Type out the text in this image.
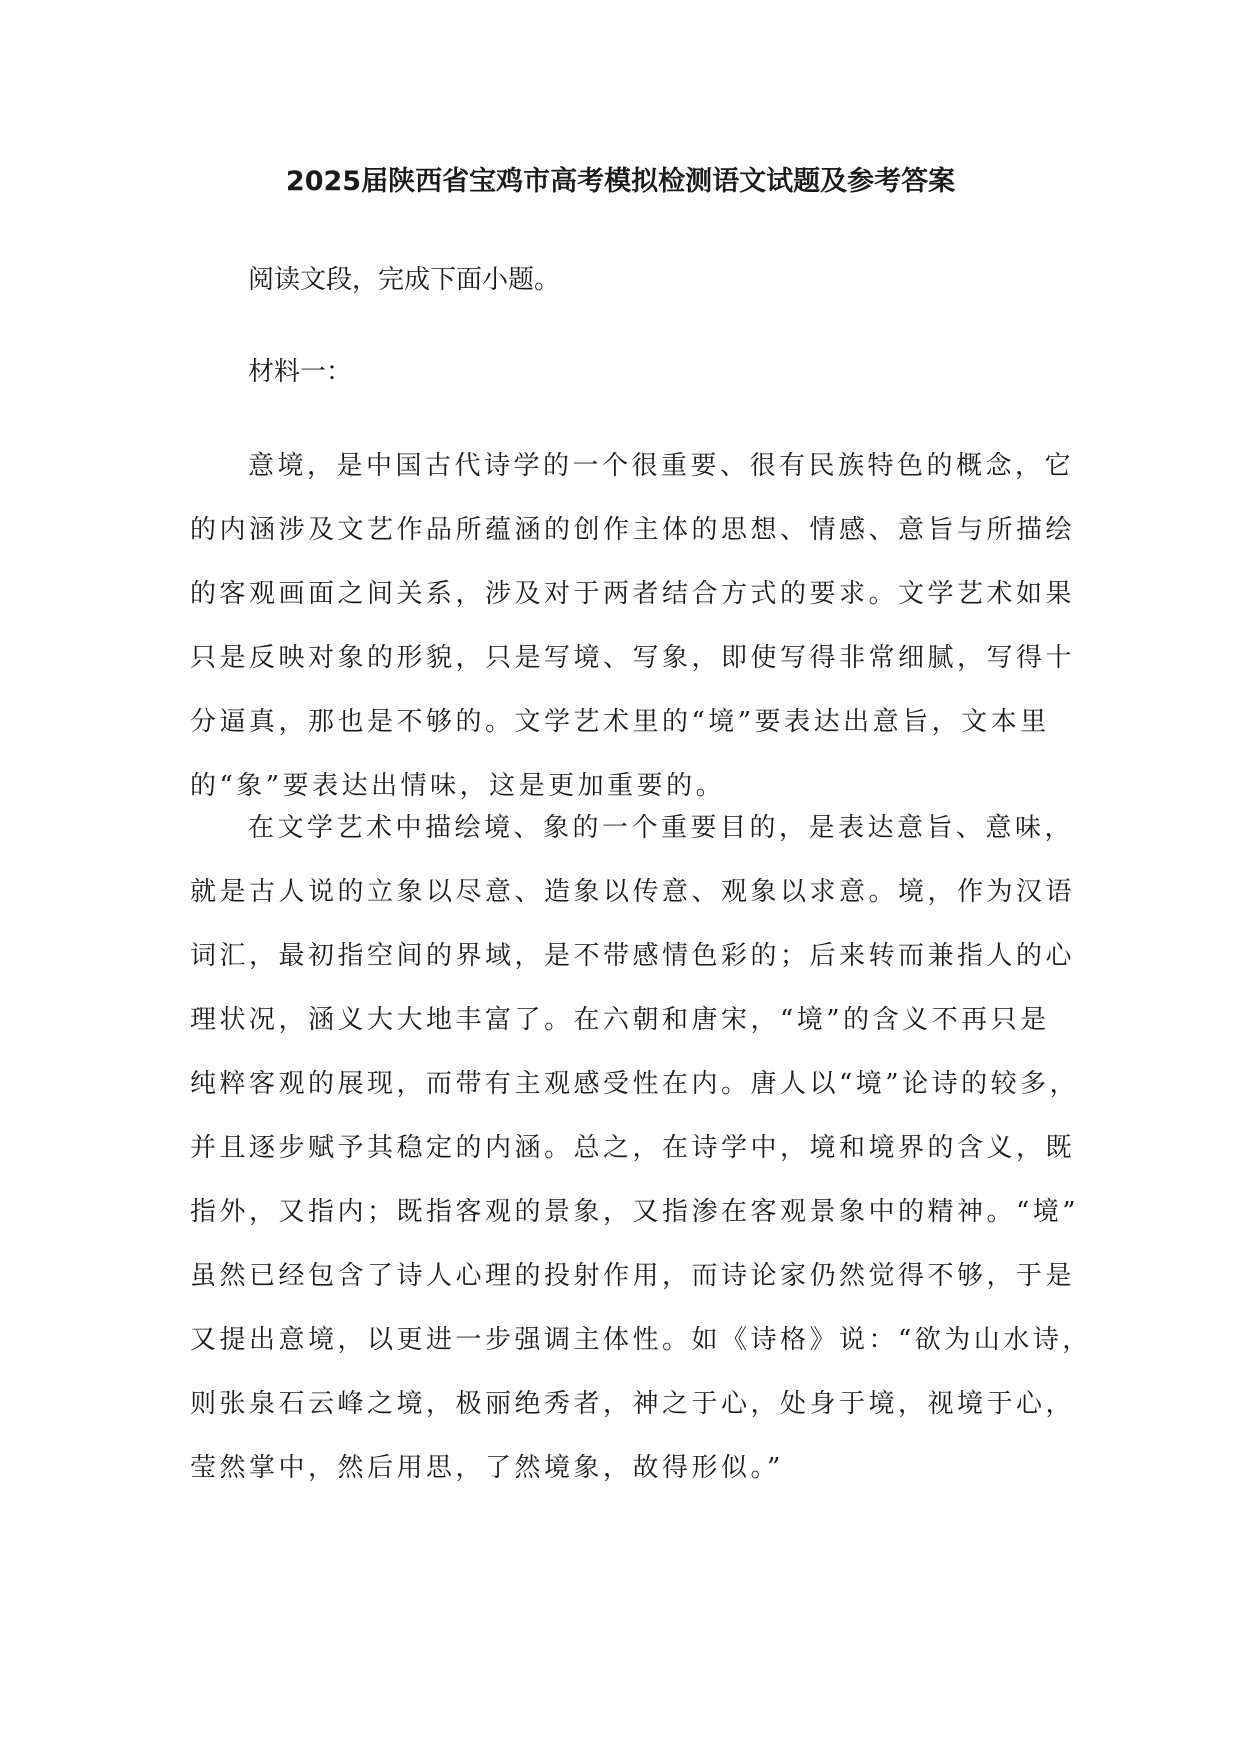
2025届陕西省宝鸡市高考模拟检测语文试题及参考答案
阅读文段，完成下面小题。
材料一：
意境，是中国古代诗学的一个很重要、很有民族特色的概念，它
的内涵涉及文艺作品所蕴涵的创作主体的思想、情感、意旨与所描绘
的客观画面之间关系，涉及对于两者结合方式的要求。文学艺术如果
只是反映对象的形貌，只是写境、写象，即使写得非常细腻，写得十
分逼真，那也是不够的。文学艺术里的“境”要表达出意旨，文本里
的“象”要表达出情味，这是更加重要的。
在文学艺术中描绘境、象的一个重要目的，是表达意旨、意味，
就是古人说的立象以尽意、造象以传意、观象以求意。境，作为汉语
词汇，最初指空间的界域，是不带感情色彩的；后来转而兼指人的心
理状况，涵义大大地丰富了。在六朝和唐宋，“境”的含义不再只是
纯粹客观的展现，而带有主观感受性在内。唐人以“境”论诗的较多，
并且逐步赋予其稳定的内涵。总之，在诗学中，境和境界的含义，既
指外，又指内；既指客观的景象，又指渗在客观景象中的精神。“境”
虽然已经包含了诗人心理的投射作用，而诗论家仍然觉得不够，于是
又提出意境，以更进一步强调主体性。如《诗格》说：“欲为山水诗，
则张泉石云峰之境，极丽绝秀者，神之于心，处身于境，视境于心，
莹然掌中，然后用思，了然境象，故得形似。”
